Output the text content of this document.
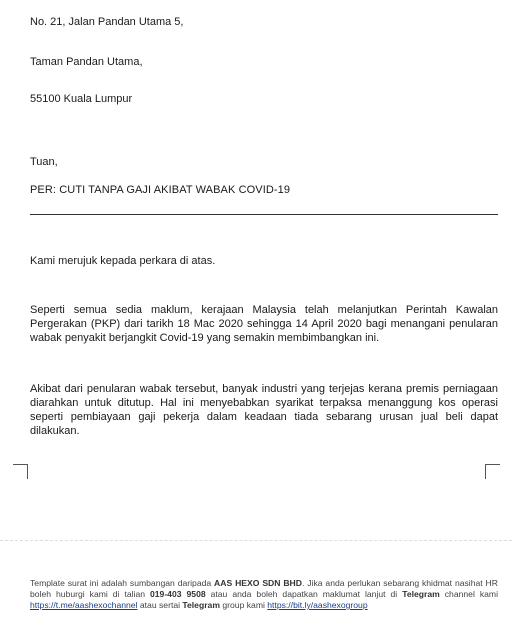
No. 21, Jalan Pandan Utama 5,
Taman Pandan Utama,
55100 Kuala Lumpur
Tuan,
PER: CUTI TANPA GAJI AKIBAT WABAK COVID-19
Kami merujuk kepada perkara di atas.
Seperti semua sedia maklum, kerajaan Malaysia telah melanjutkan Perintah Kawalan Pergerakan (PKP) dari tarikh 18 Mac 2020 sehingga 14 April 2020 bagi menangani penularan wabak penyakit berjangkit Covid-19 yang semakin membimbangkan ini.
Akibat dari penularan wabak tersebut, banyak industri yang terjejas kerana premis perniagaan diarahkan untuk ditutup. Hal ini menyebabkan syarikat terpaksa menanggung kos operasi seperti pembiayaan gaji pekerja dalam keadaan tiada sebarang urusan jual beli dapat dilakukan.
Template surat ini adalah sumbangan daripada AAS HEXO SDN BHD. Jika anda perlukan sebarang khidmat nasihat HR boleh huburgi kami di talian 019-403 9508 atau anda boleh dapatkan maklumat lanjut di Telegram channel kami https://t.me/aashexochannel atau sertai Telegram group kami https://bit.ly/aashexogroup
